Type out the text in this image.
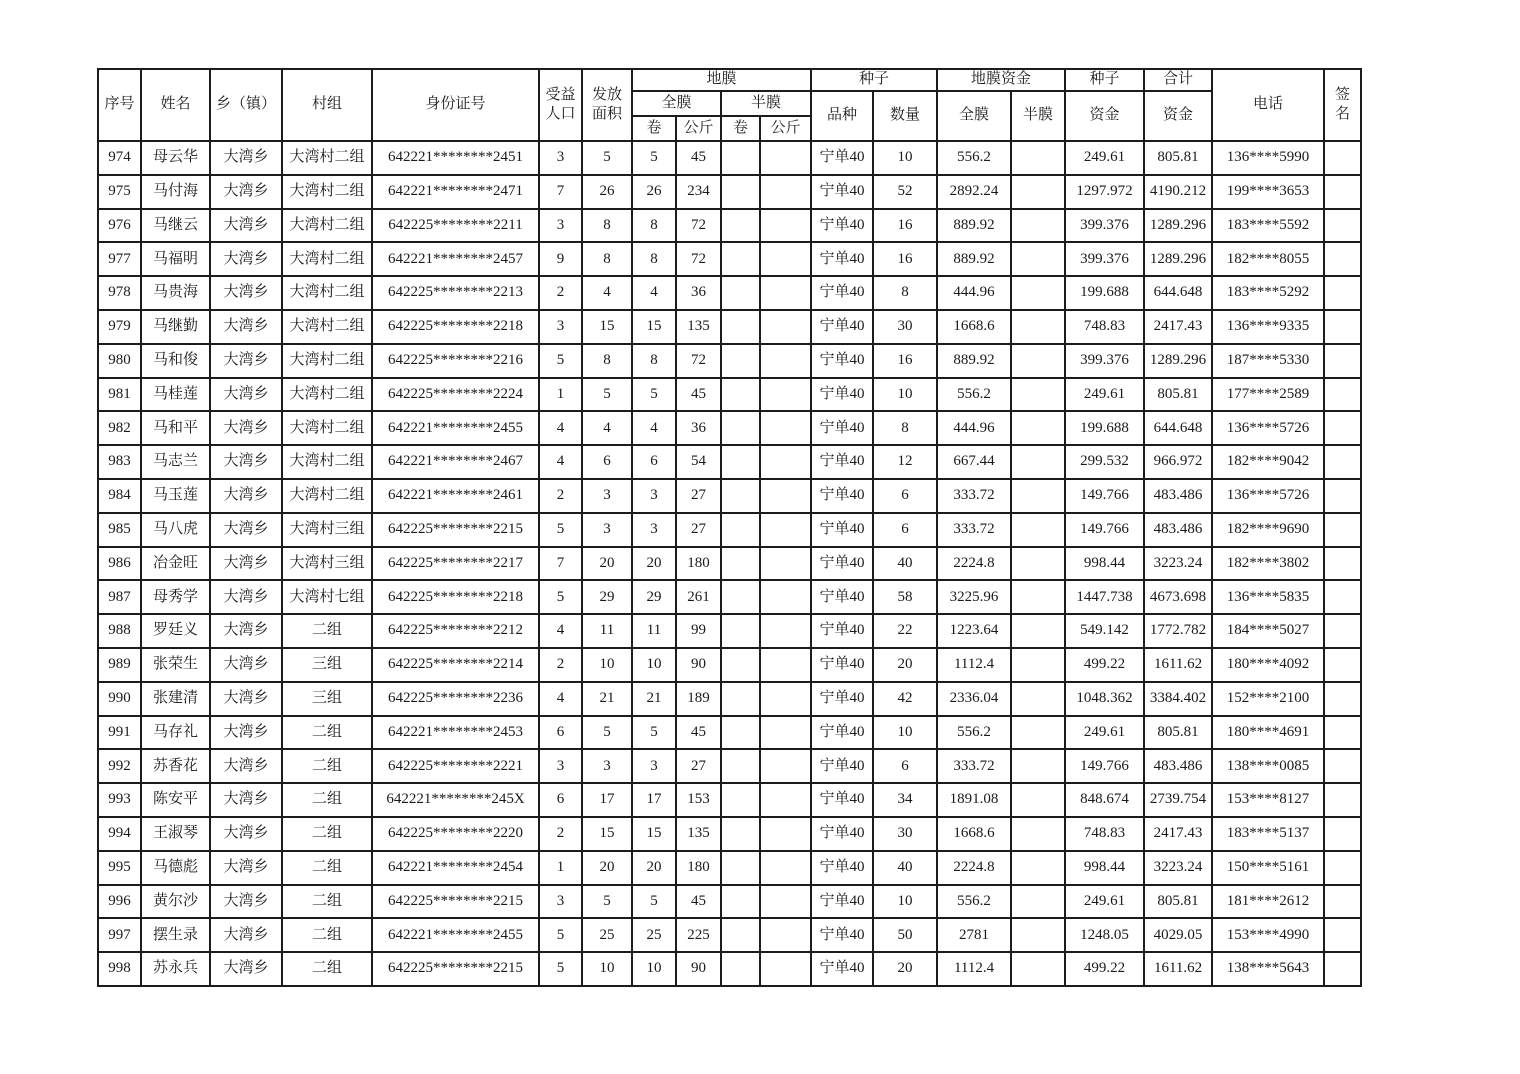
序号	姓名	乡（镇）	村组	身份证号	受益人口	发放面积	地膜				种子		地膜资金		种子	合计	电话	签名
							全膜		半膜		品种	数量	全膜	半膜	资金	资金		
							卷	公斤	卷	公斤								
974	母云华	大湾乡	大湾村二组	642221********2451	3	5	5	45			宁单40	10	556.2		249.61	805.81	136****5990	
975	马付海	大湾乡	大湾村二组	642221********2471	7	26	26	234			宁单40	52	2892.24		1297.972	4190.212	199****3653	
976	马继云	大湾乡	大湾村二组	642225********2211	3	8	8	72			宁单40	16	889.92		399.376	1289.296	183****5592	
977	马福明	大湾乡	大湾村二组	642221********2457	9	8	8	72			宁单40	16	889.92		399.376	1289.296	182****8055	
978	马贵海	大湾乡	大湾村二组	642225********2213	2	4	4	36			宁单40	8	444.96		199.688	644.648	183****5292	
979	马继勤	大湾乡	大湾村二组	642225********2218	3	15	15	135			宁单40	30	1668.6		748.83	2417.43	136****9335	
980	马和俊	大湾乡	大湾村二组	642225********2216	5	8	8	72			宁单40	16	889.92		399.376	1289.296	187****5330	
981	马桂莲	大湾乡	大湾村二组	642225********2224	1	5	5	45			宁单40	10	556.2		249.61	805.81	177****2589	
982	马和平	大湾乡	大湾村二组	642221********2455	4	4	4	36			宁单40	8	444.96		199.688	644.648	136****5726	
983	马志兰	大湾乡	大湾村二组	642221********2467	4	6	6	54			宁单40	12	667.44		299.532	966.972	182****9042	
984	马玉莲	大湾乡	大湾村二组	642221********2461	2	3	3	27			宁单40	6	333.72		149.766	483.486	136****5726	
985	马八虎	大湾乡	大湾村三组	642225********2215	5	3	3	27			宁单40	6	333.72		149.766	483.486	182****9690	
986	冶金旺	大湾乡	大湾村三组	642225********2217	7	20	20	180			宁单40	40	2224.8		998.44	3223.24	182****3802	
987	母秀学	大湾乡	大湾村七组	642225********2218	5	29	29	261			宁单40	58	3225.96		1447.738	4673.698	136****5835	
988	罗廷义	大湾乡	二组	642225********2212	4	11	11	99			宁单40	22	1223.64		549.142	1772.782	184****5027	
989	张荣生	大湾乡	三组	642225********2214	2	10	10	90			宁单40	20	1112.4		499.22	1611.62	180****4092	
990	张建清	大湾乡	三组	642225********2236	4	21	21	189			宁单40	42	2336.04		1048.362	3384.402	152****2100	
991	马存礼	大湾乡	二组	642221********2453	6	5	5	45			宁单40	10	556.2		249.61	805.81	180****4691	
992	苏香花	大湾乡	二组	642225********2221	3	3	3	27			宁单40	6	333.72		149.766	483.486	138****0085	
993	陈安平	大湾乡	二组	642221********245X	6	17	17	153			宁单40	34	1891.08		848.674	2739.754	153****8127	
994	王淑琴	大湾乡	二组	642225********2220	2	15	15	135			宁单40	30	1668.6		748.83	2417.43	183****5137	
995	马德彪	大湾乡	二组	642221********2454	1	20	20	180			宁单40	40	2224.8		998.44	3223.24	150****5161	
996	黄尔沙	大湾乡	二组	642225********2215	3	5	5	45			宁单40	10	556.2		249.61	805.81	181****2612	
997	摆生录	大湾乡	二组	642221********2455	5	25	25	225			宁单40	50	2781		1248.05	4029.05	153****4990	
998	苏永兵	大湾乡	二组	642225********2215	5	10	10	90			宁单40	20	1112.4		499.22	1611.62	138****5643	
